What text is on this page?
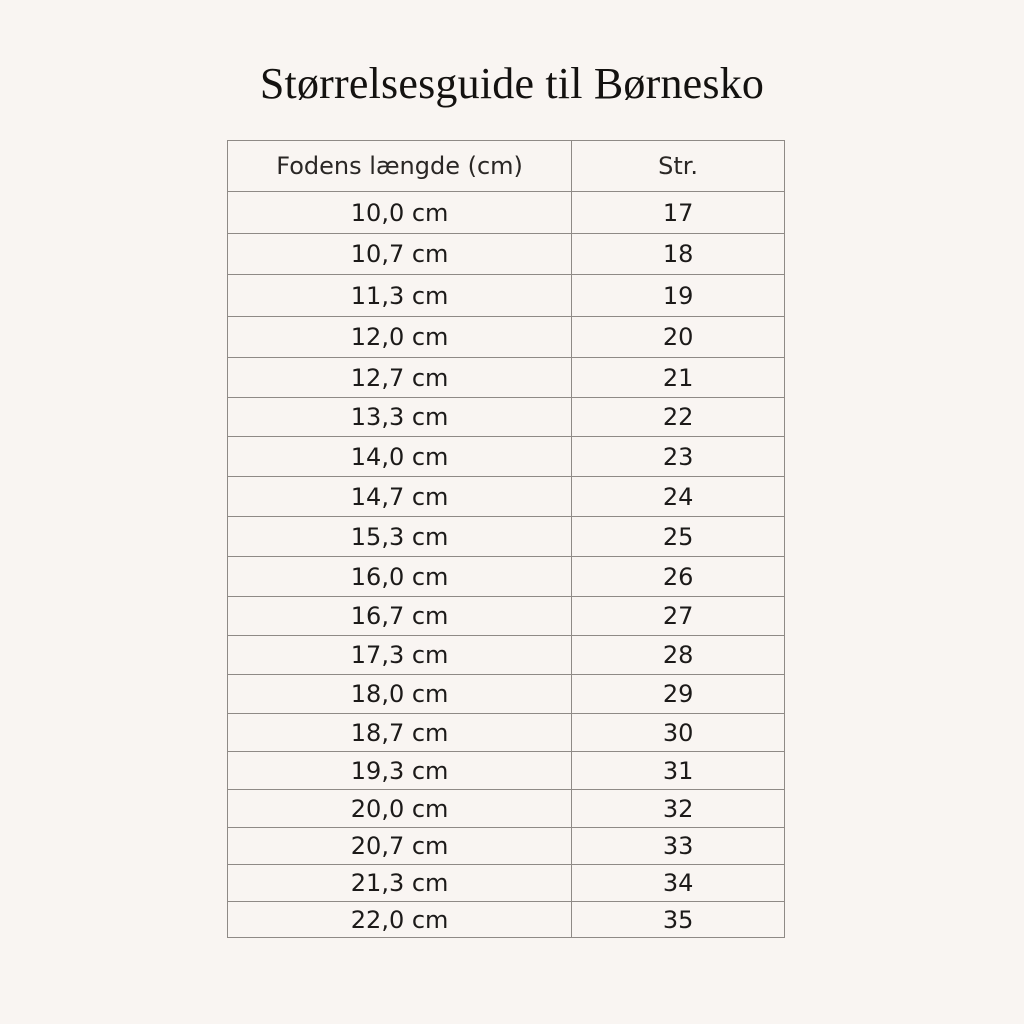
Størrelsesguide til Børnesko
Fodens længde (cm)	Str.
10,0 cm	17
10,7 cm	18
11,3 cm	19
12,0 cm	20
12,7 cm	21
13,3 cm	22
14,0 cm	23
14,7 cm	24
15,3 cm	25
16,0 cm	26
16,7 cm	27
17,3 cm	28
18,0 cm	29
18,7 cm	30
19,3 cm	31
20,0 cm	32
20,7 cm	33
21,3 cm	34
22,0 cm	35
